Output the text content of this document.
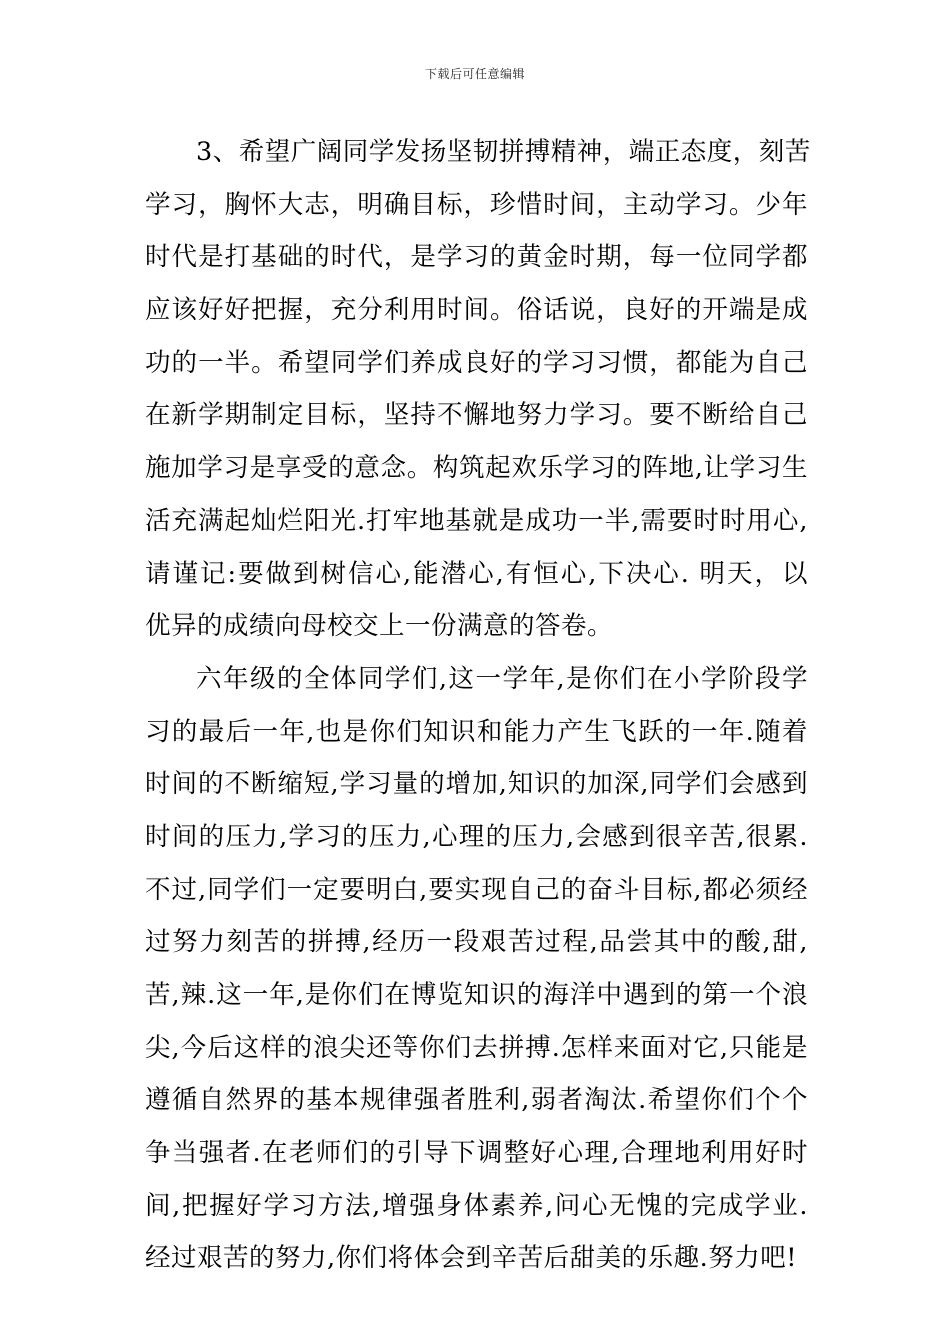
下载后可任意编辑
3、希望广阔同学发扬坚韧拼搏精神，端正态度，刻苦
学习，胸怀大志，明确目标，珍惜时间，主动学习。少年
时代是打基础的时代，是学习的黄金时期，每一位同学都
应该好好把握，充分利用时间。俗话说，良好的开端是成
功的一半。希望同学们养成良好的学习习惯，都能为自己
在新学期制定目标，坚持不懈地努力学习。要不断给自己
施加学习是享受的意念。构筑起欢乐学习的阵地,让学习生
活充满起灿烂阳光.打牢地基就是成功一半,需要时时用心,
请谨记:要做到树信心,能潜心,有恒心,下决心. 明天，以
优异的成绩向母校交上一份满意的答卷。
六年级的全体同学们,这一学年,是你们在小学阶段学
习的最后一年,也是你们知识和能力产生飞跃的一年.随着
时间的不断缩短,学习量的增加,知识的加深,同学们会感到
时间的压力,学习的压力,心理的压力,会感到很辛苦,很累.
不过,同学们一定要明白,要实现自己的奋斗目标,都必须经
过努力刻苦的拼搏,经历一段艰苦过程,品尝其中的酸,甜,
苦,辣.这一年,是你们在博览知识的海洋中遇到的第一个浪
尖,今后这样的浪尖还等你们去拼搏.怎样来面对它,只能是
遵循自然界的基本规律强者胜利,弱者淘汰.希望你们个个
争当强者.在老师们的引导下调整好心理,合理地利用好时
间,把握好学习方法,增强身体素养,问心无愧的完成学业.
经过艰苦的努力,你们将体会到辛苦后甜美的乐趣.努力吧!
